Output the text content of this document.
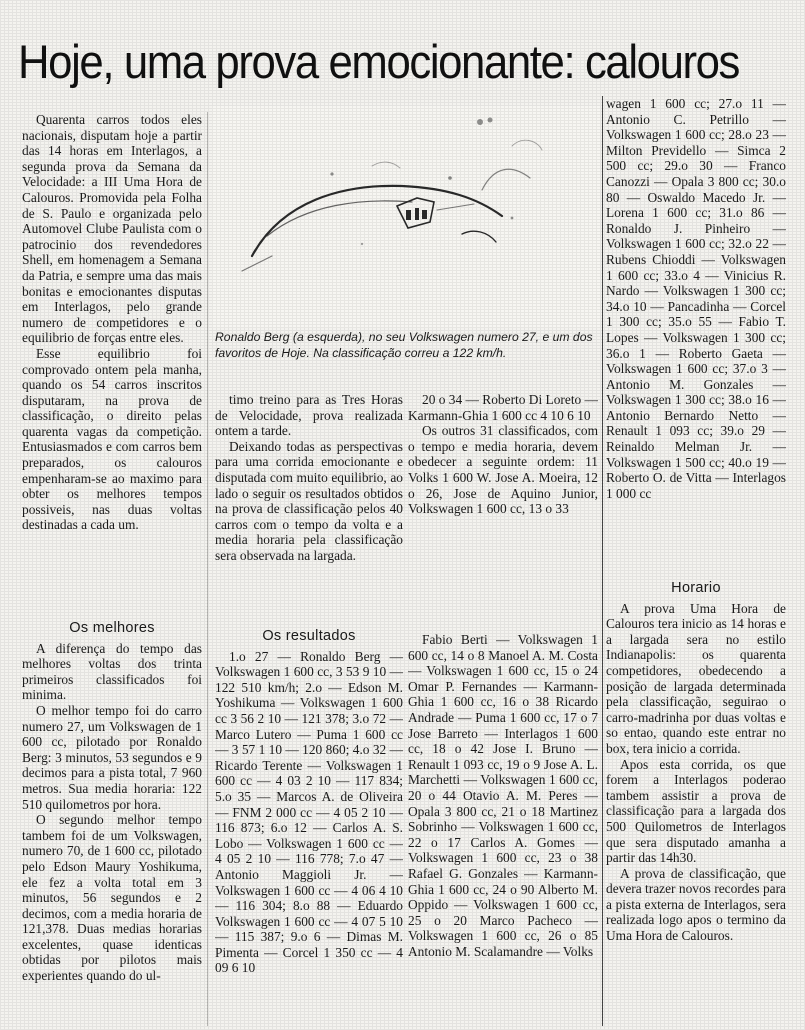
Hoje, uma prova emocionante: calouros

Quarenta carros todos eles nacionais, disputam hoje a partir das 14 horas em Interlagos, a segunda prova da Semana da Velocidade: a III Uma Hora de Calouros. Promovida pela Folha de S. Paulo e organizada pelo Automovel Clube Paulista com o patrocinio dos revendedores Shell, em homenagem a Semana da Patria, e sempre uma das mais bonitas e emocionantes disputas em Interlagos, pelo grande numero de competidores e o equilibrio de forças entre eles.

Esse equilibrio foi comprovado ontem pela manha, quando os 54 carros inscritos disputaram, na prova de classificação, o direito pelas quarenta vagas da competição. Entusiasmados e com carros bem preparados, os calouros empenharam-se ao maximo para obter os melhores tempos possiveis, nas duas voltas destinadas a cada um.

Os melhores

A diferença do tempo das melhores voltas dos trinta primeiros classificados foi minima.

O melhor tempo foi do carro numero 27, um Volkswagen de 1 600 cc, pilotado por Ronaldo Berg: 3 minutos, 53 segundos e 9 decimos para a pista total, 7 960 metros. Sua media horaria: 122 510 quilometros por hora.

O segundo melhor tempo tambem foi de um Volkswagen, numero 70, de 1 600 cc, pilotado pelo Edson Maury Yoshikuma, ele fez a volta total em 3 minutos, 56 segundos e 2 decimos, com a media horaria de 121,378. Duas medias horarias excelentes, quase identicas obtidas por pilotos mais experientes quando do ul-

Ronaldo Berg (a esquerda), no seu Volkswagen numero 27, e um dos favoritos de Hoje. Na classificação correu a 122 km/h.

timo treino para as Tres Horas de Velocidade, prova realizada ontem a tarde.

Deixando todas as perspectivas para uma corrida emocionante e disputada com muito equilibrio, ao lado o seguir os resultados obtidos na prova de classificação pelos 40 carros com o tempo da volta e a media horaria pela classificação sera observada na largada.

20 o 34 — Roberto Di Loreto — Karmann-Ghia 1 600 cc 4 10 6 10

Os outros 31 classificados, com o tempo e media horaria, devem obedecer a seguinte ordem: 11 Volks 1 600 W. Jose A. Moeira, 12 o 26, Jose de Aquino Junior, Volkswagen 1 600 cc, 13 o 33

Os resultados

1.o 27 — Ronaldo Berg — Volkswagen 1 600 cc, 3 53 9 10 — 122 510 km/h; 2.o — Edson M. Yoshikuma — Volkswagen 1 600 cc 3 56 2 10 — 121 378; 3.o 72 — Marco Lutero — Puma 1 600 cc — 3 57 1 10 — 120 860; 4.o 32 — Ricardo Terente — Volkswagen 1 600 cc — 4 03 2 10 — 117 834; 5.o 35 — Marcos A. de Oliveira — FNM 2 000 cc — 4 05 2 10 — 116 873; 6.o 12 — Carlos A. S. Lobo — Volkswagen 1 600 cc — 4 05 2 10 — 116 778; 7.o 47 — Antonio Maggioli Jr. — Volkswagen 1 600 cc — 4 06 4 10 — 116 304; 8.o 88 — Eduardo Volkswagen 1 600 cc — 4 07 5 10 — 115 387; 9.o 6 — Dimas M. Pimenta — Corcel 1 350 cc — 4 09 6 10

Fabio Berti — Volkswagen 1 600 cc, 14 o 8 Manoel A. M. Costa — Volkswagen 1 600 cc, 15 o 24 Omar P. Fernandes — Karmann-Ghia 1 600 cc, 16 o 38 Ricardo Andrade — Puma 1 600 cc, 17 o 7 Jose Barreto — Interlagos 1 600 cc, 18 o 42 Jose I. Bruno — Renault 1 093 cc, 19 o 9 Jose A. L. Marchetti — Volkswagen 1 600 cc, 20 o 44 Otavio A. M. Peres — Opala 3 800 cc, 21 o 18 Martinez Sobrinho — Volkswagen 1 600 cc, 22 o 17 Carlos A. Gomes — Volkswagen 1 600 cc, 23 o 38 Rafael G. Gonzales — Karmann-Ghia 1 600 cc, 24 o 90 Alberto M. Oppido — Volkswagen 1 600 cc, 25 o 20 Marco Pacheco — Volkswagen 1 600 cc, 26 o 85 Antonio M. Scalamandre — Volks

wagen 1 600 cc; 27.o 11 — Antonio C. Petrillo — Volkswagen 1 600 cc; 28.o 23 — Milton Previdello — Simca 2 500 cc; 29.o 30 — Franco Canozzi — Opala 3 800 cc; 30.o 80 — Oswaldo Macedo Jr. — Lorena 1 600 cc; 31.o 86 — Ronaldo J. Pinheiro — Volkswagen 1 600 cc; 32.o 22 — Rubens Chioddi — Volkswagen 1 600 cc; 33.o 4 — Vinicius R. Nardo — Volkswagen 1 300 cc; 34.o 10 — Pancadinha — Corcel 1 300 cc; 35.o 55 — Fabio T. Lopes — Volkswagen 1 300 cc; 36.o 1 — Roberto Gaeta — Volkswagen 1 600 cc; 37.o 3 — Antonio M. Gonzales — Volkswagen 1 300 cc; 38.o 16 — Antonio Bernardo Netto — Renault 1 093 cc; 39.o 29 — Reinaldo Melman Jr. — Volkswagen 1 500 cc; 40.o 19 — Roberto O. de Vitta — Interlagos 1 000 cc

Horario

A prova Uma Hora de Calouros tera inicio as 14 horas e a largada sera no estilo Indianapolis: os quarenta competidores, obedecendo a posição de largada determinada pela classificação, seguirao o carro-madrinha por duas voltas e so entao, quando este entrar no box, tera inicio a corrida.

Apos esta corrida, os que forem a Interlagos poderao tambem assistir a prova de classificação para a largada dos 500 Quilometros de Interlagos que sera disputado amanha a partir das 14h30.

A prova de classificação, que devera trazer novos recordes para a pista externa de Interlagos, sera realizada logo apos o termino da Uma Hora de Calouros.
